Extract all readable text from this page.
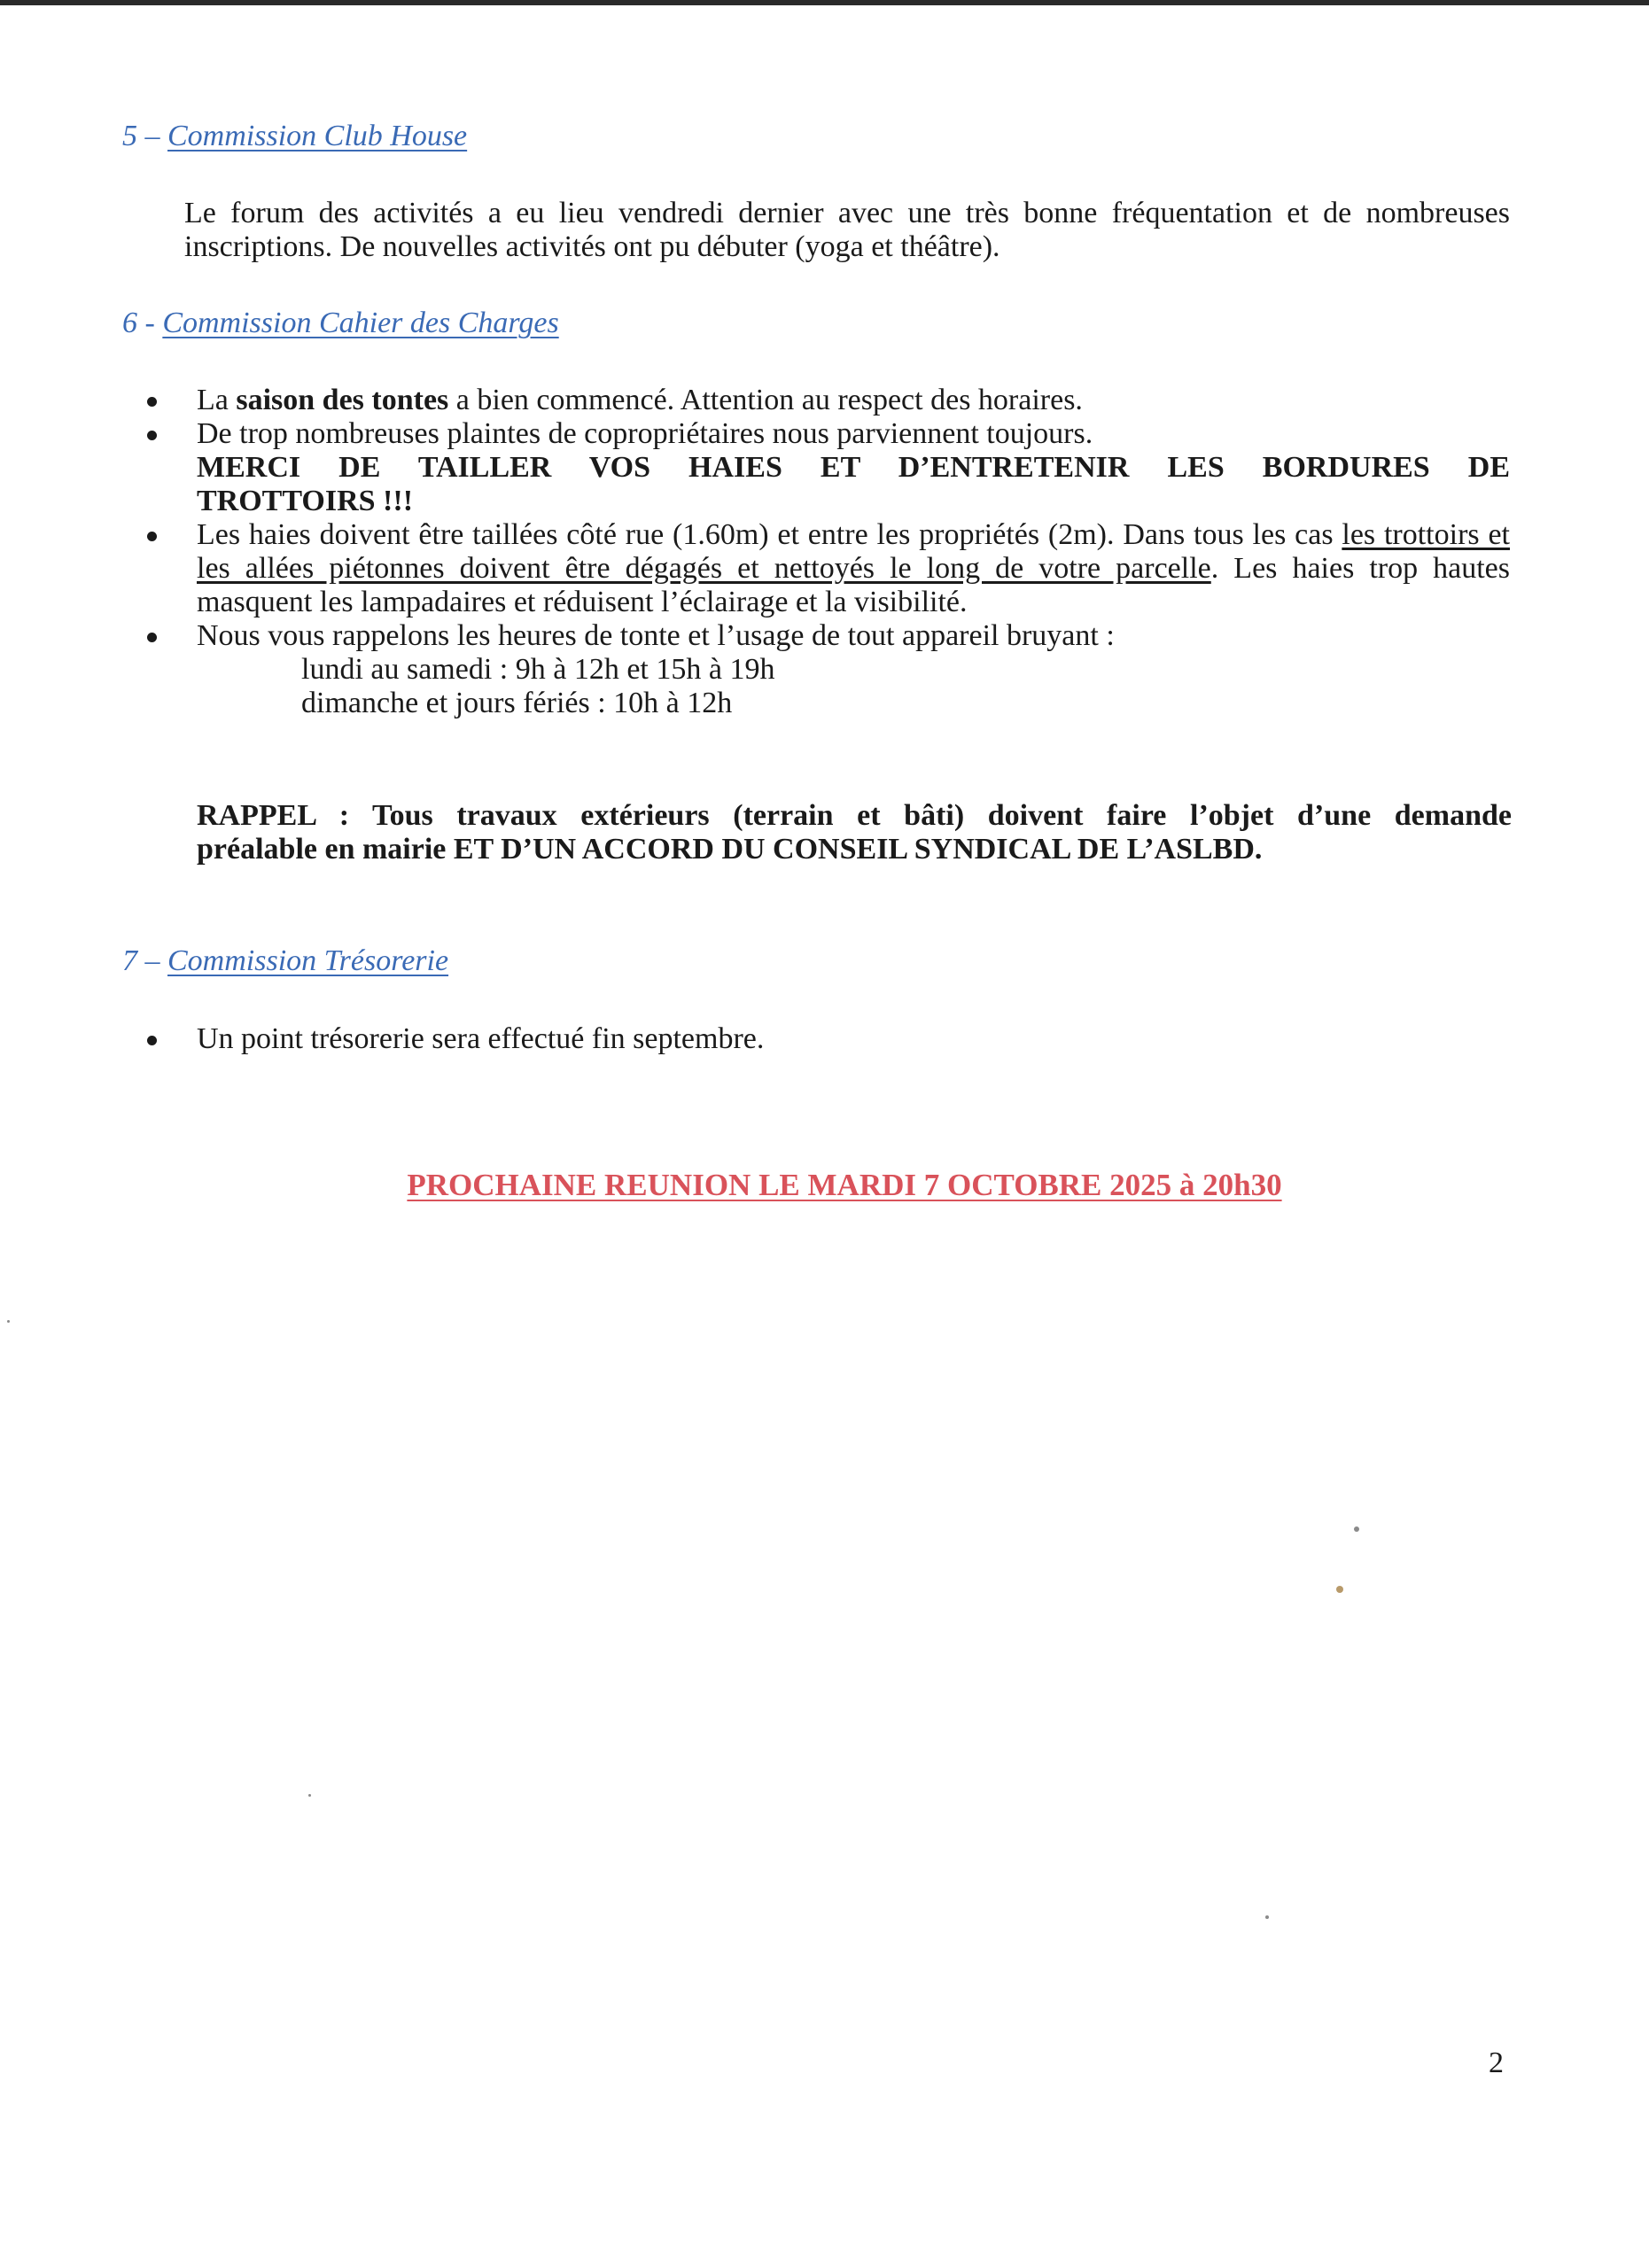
5 – Commission Club House
Le forum des activités a eu lieu vendredi dernier avec une très bonne fréquentation et de nombreuses inscriptions. De nouvelles activités ont pu débuter (yoga et théâtre).
6 - Commission Cahier des Charges
La saison des tontes a bien commencé. Attention au respect des horaires.
De trop nombreuses plaintes de copropriétaires nous parviennent toujours.
MERCI DE TAILLER VOS HAIES ET D’ENTRETENIR LES BORDURES DE
TROTTOIRS !!!
Les haies doivent être taillées côté rue (1.60m) et entre les propriétés (2m). Dans tous les cas les trottoirs et les allées piétonnes doivent être dégagés et nettoyés le long de votre parcelle. Les haies trop hautes masquent les lampadaires et réduisent l’éclairage et la visibilité.
Nous vous rappelons les heures de tonte et l’usage de tout appareil bruyant :
lundi au samedi : 9h à 12h et 15h à 19h
dimanche et jours fériés : 10h à 12h
RAPPEL : Tous travaux extérieurs (terrain et bâti) doivent faire l’objet d’une demande
préalable en mairie ET D’UN ACCORD DU CONSEIL SYNDICAL DE L’ASLBD.
7 – Commission Trésorerie
Un point trésorerie sera effectué fin septembre.
PROCHAINE REUNION LE MARDI 7 OCTOBRE 2025 à 20h30
2
